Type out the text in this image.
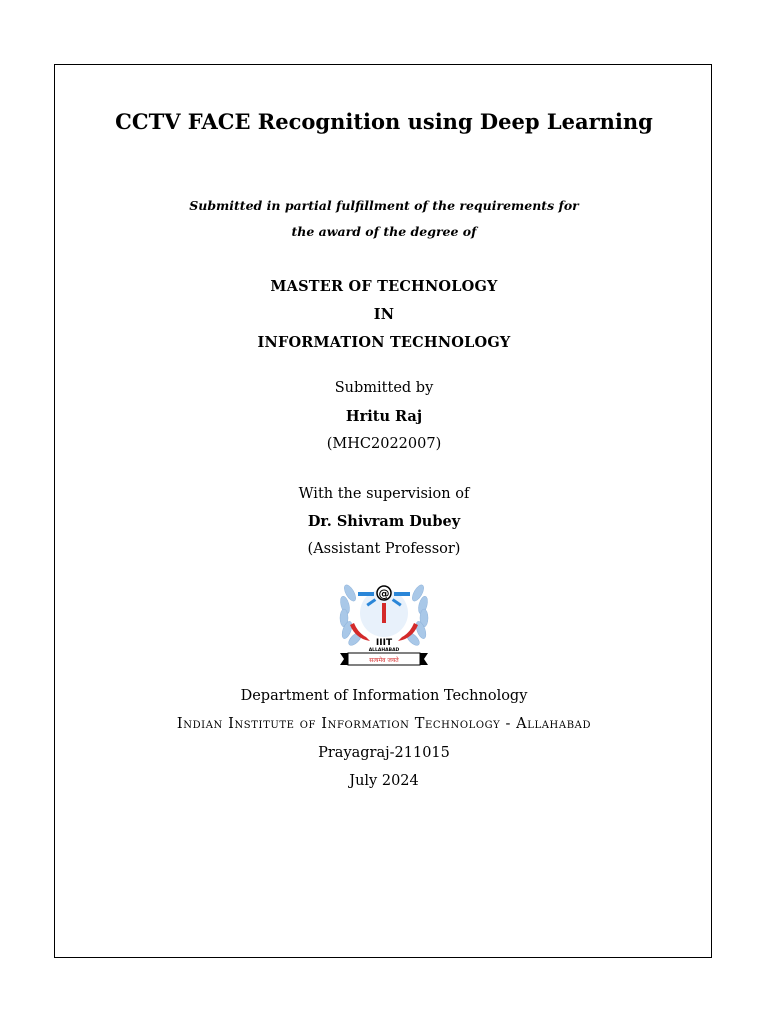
CCTV FACE Recognition using Deep Learning
Submitted in partial fulfillment of the requirements for
the award of the degree of
MASTER OF TECHNOLOGY
IN
INFORMATION TECHNOLOGY
Submitted by
Hritu Raj
(MHC2022007)
With the supervision of
Dr. Shivram Dubey
(Assistant Professor)
@
IIIT
ALLAHABAD
सत्यमेव जयते
Department of Information Technology
Indian Institute of Information Technology - Allahabad
Prayagraj-211015
July 2024
